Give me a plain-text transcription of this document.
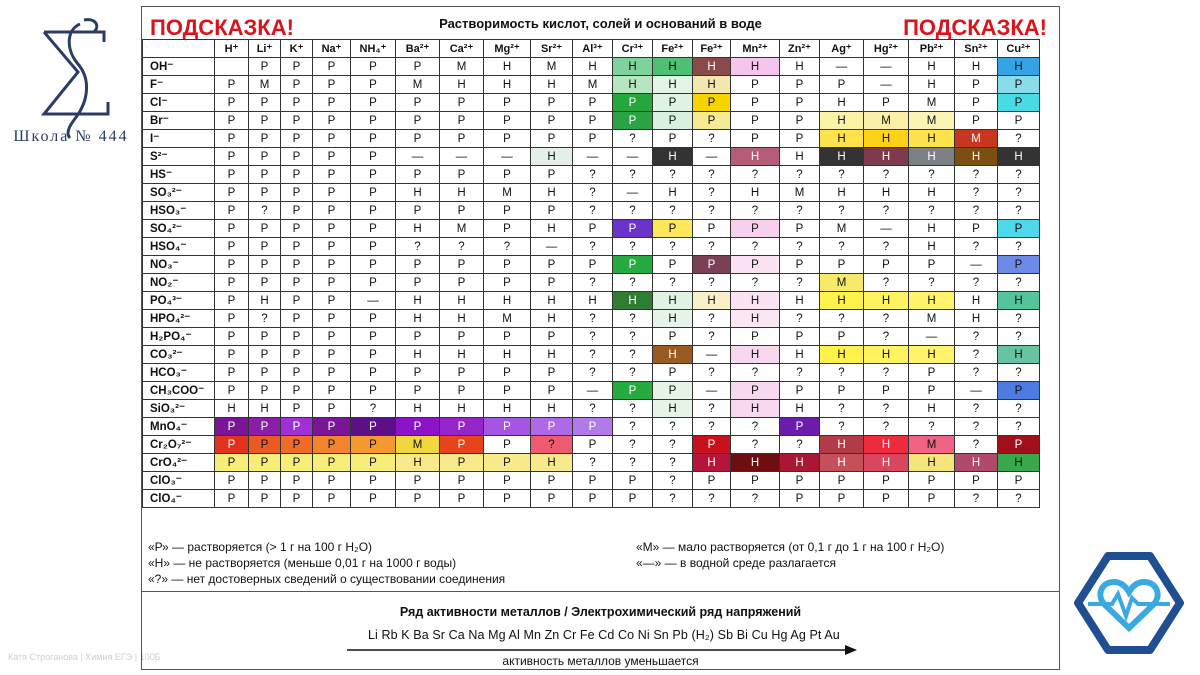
Школа № 444
Катя Строганова | Химия ЕГЭ | 100Б
ПОДСКАЗКА!	Растворимость кислот, солей и оснований в воде	ПОДСКАЗКА!
	H⁺	Li⁺	K⁺	Na⁺	NH₄⁺	Ba²⁺	Ca²⁺	Mg²⁺	Sr²⁺	Al³⁺	Cr³⁺	Fe²⁺	Fe³⁺	Mn²⁺	Zn²⁺	Ag⁺	Hg²⁺	Pb²⁺	Sn²⁺	Cu²⁺
OH⁻		Р	Р	Р	Р	Р	М	Н	М	Н	Н	Н	Н	Н	Н	—	—	Н	Н	Н
F⁻	Р	М	Р	Р	Р	М	Н	Н	Н	М	Н	Н	Н	Р	Р	Р	—	Н	Р	Р
Cl⁻	Р	Р	Р	Р	Р	Р	Р	Р	Р	Р	Р	Р	Р	Р	Р	Н	Р	М	Р	Р
Br⁻	Р	Р	Р	Р	Р	Р	Р	Р	Р	Р	Р	Р	Р	Р	Р	Н	М	М	Р	Р
I⁻	Р	Р	Р	Р	Р	Р	Р	Р	Р	Р	?	Р	?	Р	Р	Н	Н	Н	М	?
S²⁻	Р	Р	Р	Р	Р	—	—	—	Н	—	—	Н	—	Н	Н	Н	Н	Н	Н	Н
HS⁻	Р	Р	Р	Р	Р	Р	Р	Р	Р	?	?	?	?	?	?	?	?	?	?	?
SO₃²⁻	Р	Р	Р	Р	Р	Н	Н	М	Н	?	—	Н	?	Н	М	Н	Н	Н	?	?
HSO₃⁻	Р	?	Р	Р	Р	Р	Р	Р	Р	?	?	?	?	?	?	?	?	?	?	?
SO₄²⁻	Р	Р	Р	Р	Р	Н	М	Р	Н	Р	Р	Р	Р	Р	Р	М	—	Н	Р	Р
HSO₄⁻	Р	Р	Р	Р	Р	?	?	?	—	?	?	?	?	?	?	?	?	Н	?	?
NO₃⁻	Р	Р	Р	Р	Р	Р	Р	Р	Р	Р	Р	Р	Р	Р	Р	Р	Р	Р	—	Р
NO₂⁻	Р	Р	Р	Р	Р	Р	Р	Р	Р	?	?	?	?	?	?	М	?	?	?	?
PO₄³⁻	Р	Н	Р	Р	—	Н	Н	Н	Н	Н	Н	Н	Н	Н	Н	Н	Н	Н	Н	Н
HPO₄²⁻	Р	?	Р	Р	Р	Н	Н	М	Н	?	?	Н	?	Н	?	?	?	М	Н	?
H₂PO₄⁻	Р	Р	Р	Р	Р	Р	Р	Р	Р	?	?	Р	?	Р	Р	Р	?	—	?	?
CO₃²⁻	Р	Р	Р	Р	Р	Н	Н	Н	Н	?	?	Н	—	Н	Н	Н	Н	Н	?	Н
HCO₃⁻	Р	Р	Р	Р	Р	Р	Р	Р	Р	?	?	Р	?	?	?	?	?	Р	?	?
CH₃COO⁻	Р	Р	Р	Р	Р	Р	Р	Р	Р	—	Р	Р	—	Р	Р	Р	Р	Р	—	Р
SiO₃²⁻	Н	Н	Р	Р	?	Н	Н	Н	Н	?	?	Н	?	Н	Н	?	?	Н	?	?
MnO₄⁻	Р	Р	Р	Р	Р	Р	Р	Р	Р	Р	?	?	?	?	Р	?	?	?	?	?
Cr₂O₇²⁻	Р	Р	Р	Р	Р	М	Р	Р	?	Р	?	?	Р	?	?	Н	Н	М	?	Р
CrO₄²⁻	Р	Р	Р	Р	Р	Н	Р	Р	Н	?	?	?	Н	Н	Н	Н	Н	Н	Н	Н
ClO₃⁻	Р	Р	Р	Р	Р	Р	Р	Р	Р	Р	Р	?	Р	Р	Р	Р	Р	Р	Р	Р
ClO₄⁻	Р	Р	Р	Р	Р	Р	Р	Р	Р	Р	Р	?	?	?	Р	Р	Р	Р	?	?
«Р» — растворяется (> 1 г на 100 г H₂O)
«Н» — не растворяется (меньше 0,01 г на 1000 г воды)
«?» — нет достоверных сведений о существовании соединения
«М» — мало растворяется (от 0,1 г до 1 г на 100 г H₂O)
«—» — в водной среде разлагается
Ряд активности металлов / Электрохимический ряд напряжений
Li Rb K Ba Sr Ca Na Mg Al Mn Zn Cr Fe Cd Co Ni Sn Pb (H₂) Sb Bi Cu Hg Ag Pt Au
активность металлов уменьшается
